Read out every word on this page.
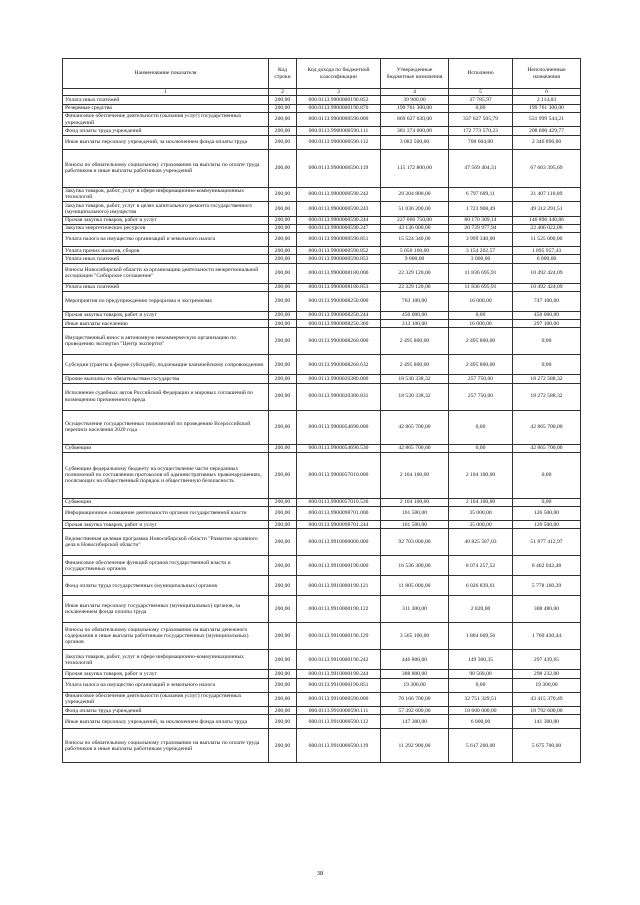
Наименование показателя	Код строки	Код дохода по бюджетной классификации	Утвержденные бюджетные назначения	Исполнено	Неисполненные назначения
1	2	3	4	5	6
Уплата иных платежей	200,00	000.0113.9900000190.853	39 900,00	37 785,97	2 114,03
Резервные средства	200,00	000.0113.9900000190.870	199 761 300,00	0,00	199 761 300,00
Финансовое обеспечение деятельности (оказания услуг) государственных учреждений	200,00	000.0113.9900000590.000	869 627 030,00	337 627 505,79	531 999 544,21
Фонд оплаты труда учреждений	200,00	000.0113.9900000590.111	381 374 000,00	172 773 570,23	208 600 429,77
Иные выплаты персоналу учреждений, за исключением фонда оплаты труда	200,00	000.0113.9900000590.112	3 082 500,00	708 604,00	2 346 896,00
Взносы по обязательному социальному страхованию на выплаты по оплате труда работников и иные выплаты работникам учреждений	200,00	000.0113.9900000590.119	115 172 800,00	47 569 404,31	67 603 395,69
Закупка товаров, работ, услуг в сфере информационно-коммуникационных технологий	200,00	000.0113.9900000590.242	28 204 800,00	6 797 689,11	21 407 110,89
Закупка товаров, работ, услуг в целях капитального ремонта государственного (муниципального) имущества	200,00	000.0113.9900000590.243	51 036 200,00	1 723 908,49	49 312 291,51
Прочая закупка товаров, работ и услуг	200,00	000.0113.9900000590.244	227 066 750,00	80 170 309,14	146 896 440,86
Закупка энергетических ресурсов	200,00	000.0113.9900000590.247	43 136 000,00	20 729 977,94	22 406 022,06
Уплата налога на имущество организаций и земельного налога	200,00	000.0113.9900000590.851	15 524 340,00	3 999 340,00	11 525 000,00
Уплата прочих налогов, сборов	200,00	000.0113.9900000590.852	5 050 160,00	3 154 202,57	1 895 957,43
Уплата иных платежей	200,00	000.0113.9900000590.853	9 000,00	3 000,00	6 000,00
Взносы Новосибирской области за организацию деятельности межрегиональной ассоциации "Сибирское соглашение"	200,00	000.0113.9900008180.000	22 329 120,00	11 836 695,91	10 492 424,09
Уплата иных платежей	200,00	000.0113.9900008180.853	22 329 120,00	11 836 695,91	10 492 424,09
Мероприятия по предупреждению терроризма и экстремизма	200,00	000.0113.9900008250.000	763 100,00	16 000,00	747 100,00
Прочая закупка товаров, работ и услуг	200,00	000.0113.9900008250.244	450 000,00	0,00	450 000,00
Иные выплаты населению	200,00	000.0113.9900008250.360	313 100,00	16 000,00	297 100,00
Имущественный взнос в автономную некоммерческую организацию по проведению экспертиз "Центр экспертиз"	200,00	000.0113.9900008260.000	2 495 800,00	2 495 800,00	0,00
Субсидии (гранты в форме субсидий), подлежащие казначейскому сопровождению	200,00	000.0113.9900008260.632	2 495 800,00	2 495 800,00	0,00
Прочие выплаты по обязательствам государства	200,00	000.0113.9900020380.000	18 530 338,32	257 750,00	18 272 588,32
Исполнение судебных актов Российской Федерации и мировых соглашений по возмещению причиненного вреда	200,00	000.0113.9900020380.831	18 530 338,32	257 750,00	18 272 588,32
Осуществление государственных полномочий по проведению Всероссийской переписи населения 2020 года	200,00	000.0113.9900054690.000	42 865 700,00	0,00	42 865 700,00
Субвенции	200,00	000.0113.9900054690.530	42 865 700,00	0,00	42 865 700,00
Субвенции федеральному бюджету на осуществление части переданных полномочий по составлению протоколов об административных правонарушениях, посягающих на общественный порядок и общественную безопасность	200,00	000.0113.9900057010.000	2 104 100,00	2 104 100,00	0,00
Субвенции	200,00	000.0113.9900057010.530	2 104 100,00	2 104 100,00	0,00
Информационное освещение деятельности органов государственной власти	200,00	000.0113.9900098701.000	161 500,00	35 000,00	126 500,00
Прочая закупка товаров, работ и услуг	200,00	000.0113.9900098701.244	161 500,00	35 000,00	126 500,00
Ведомственная целевая программа Новосибирской области "Развитие архивного дела в Новосибирской области"	200,00	000.0113.9910000000.000	92 703 000,00	40 825 587,03	51 877 412,97
Финансовое обеспечение функций органов государственной власти и государственных органов	200,00	000.0113.9910000190.000	16 536 300,00	8 074 257,52	8 462 042,48
Фонд оплаты труда государственных (муниципальных) органов	200,00	000.0113.9910000190.121	11 805 000,00	6 026 839,61	5 778 160,39
Иные выплаты персоналу государственных (муниципальных) органов, за исключением фонда оплаты труда	200,00	000.0113.9910000190.122	311 300,00	2 820,00	308 480,00
Взносы по обязательному социальному страхованию на выплаты денежного содержания и иные выплаты работникам государственных (муниципальных) органов	200,00	000.0113.9910000190.129	3 565 100,00	1 804 669,56	1 760 430,44
Закупка товаров, работ, услуг в сфере информационно-коммуникационных технологий	200,00	000.0113.9910000190.242	446 800,00	149 360,35	297 439,65
Прочая закупка товаров, работ и услуг	200,00	000.0113.9910000190.244	388 800,00	90 568,00	298 232,00
Уплата налога на имущество организаций и земельного налога	200,00	000.0113.9910000190.851	19 300,00	0,00	19 300,00
Финансовое обеспечение деятельности (оказания услуг) государственных учреждений	200,00	000.0113.9910000590.000	76 166 700,00	32 751 329,51	43 415 370,49
Фонд оплаты труда учреждений	200,00	000.0113.9910000590.111	57 392 600,00	18 600 000,00	18 792 600,00
Иные выплаты персоналу учреждений, за исключением фонда оплаты труда	200,00	000.0113.9910000590.112	147 300,00	6 000,00	141 300,00
Взносы по обязательному социальному страхованию на выплаты по оплате труда работников и иные выплаты работникам учреждений	200,00	000.0113.9910000590.119	11 292 900,00	5 617 200,00	5 675 700,00
38
